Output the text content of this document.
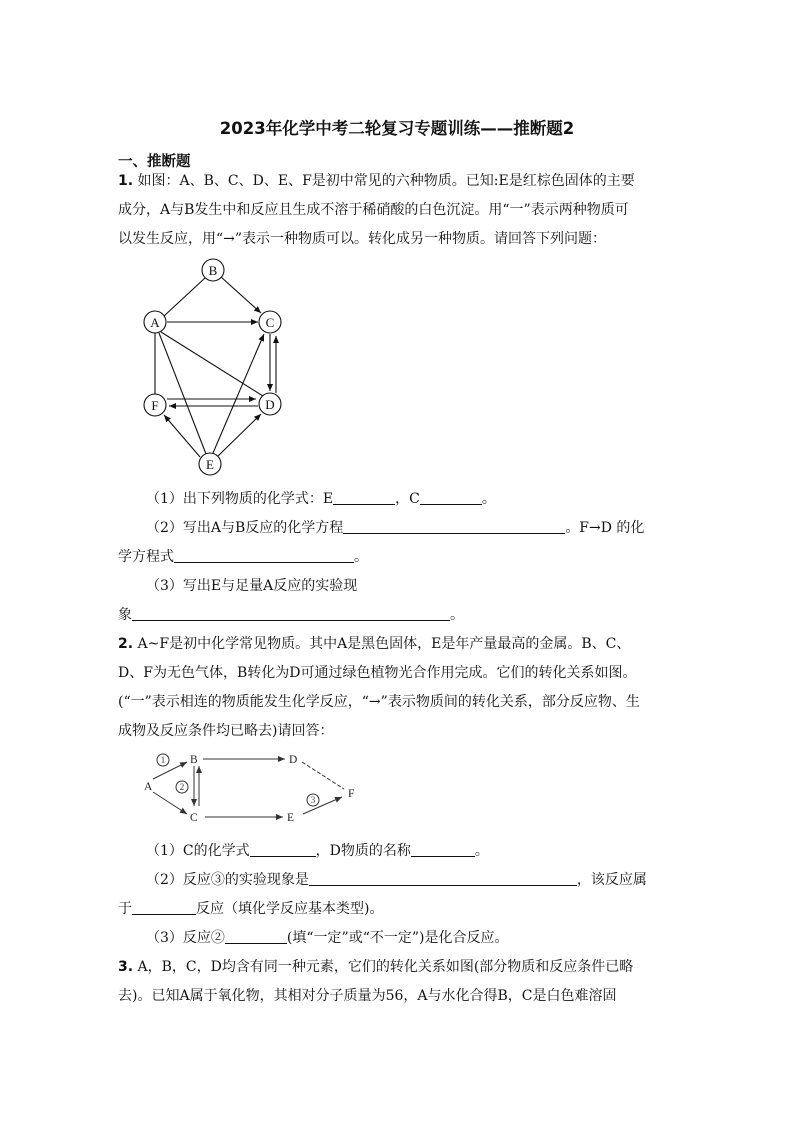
2023年化学中考二轮复习专题训练——推断题2
一、推断题
1. 如图：A、B、C、D、E、F是初中常见的六种物质。已知:E是红棕色固体的主要
成分，A与B发生中和反应且生成不溶于稀硝酸的白色沉淀。用“一”表示两种物质可
以发生反应，用“→”表示一种物质可以。转化成另一种物质。请回答下列问题：
B
A	C
F	D
E
（1）出下列物质的化学式：E	，C	。
（2）写出A与B反应的化学方程	。F→D 的化
学方程式	。
（3）写出E与足量A反应的实验现
象	。
2. A~F是初中化学常见物质。其中A是黑色固体，E是年产量最高的金属。B、C、
D、F为无色气体，B转化为D可通过绿色植物光合作用完成。它们的转化关系如图。
(“一”表示相连的物质能发生化学反应，“→”表示物质间的转化关系，部分反应物、生
成物及反应条件均已略去)请回答：
A
B
C
D
E
F
1
2
3
（1）C的化学式	，D物质的名称	。
（2）反应③的实验现象是	，该反应属
于	反应（填化学反应基本类型)。
（3）反应②	(填“一定”或“不一定”)是化合反应。
3. A，B，C，D均含有同一种元素，它们的转化关系如图(部分物质和反应条件已略
去)。已知A属于氧化物，其相对分子质量为56，A与水化合得B，C是白色难溶固
